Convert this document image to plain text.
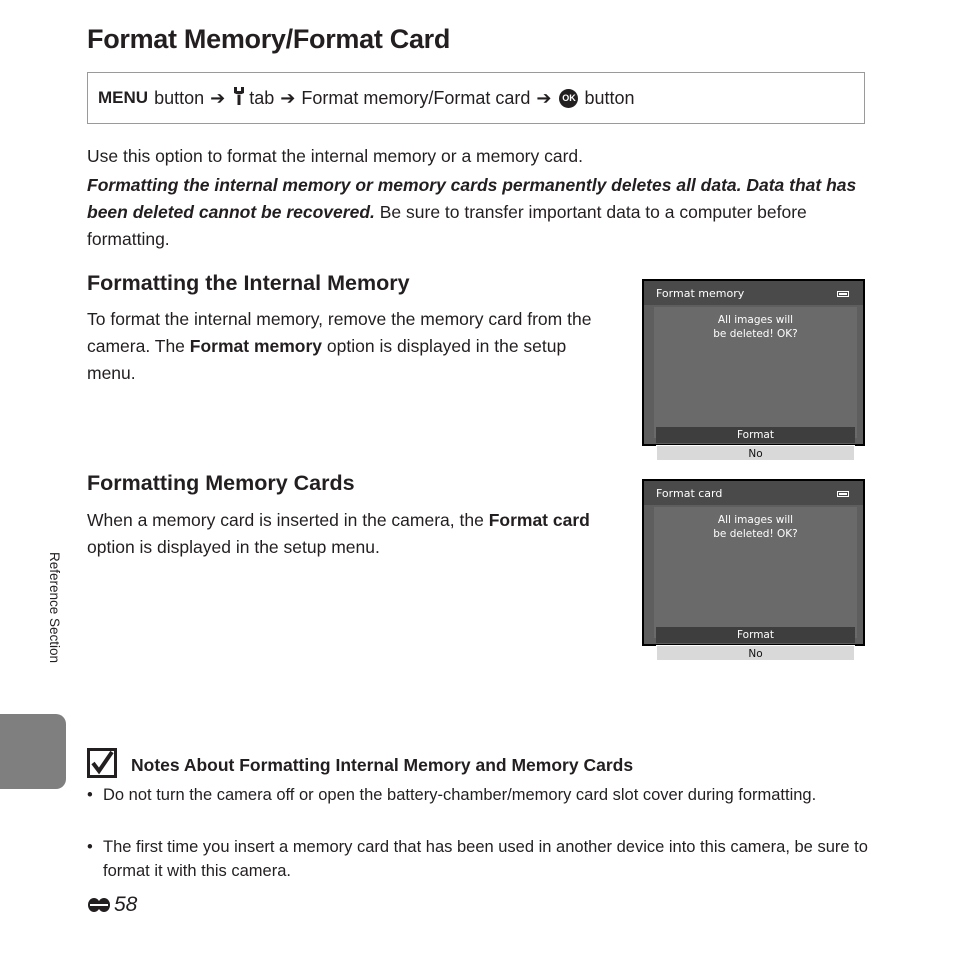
Format Memory/Format Card
MENU button ➔ tab ➔ Format memory/Format card ➔	OK button
Use this option to format the internal memory or a memory card.
Formatting the internal memory or memory cards permanently deletes all data. Data that has been deleted cannot be recovered. Be sure to transfer important data to a computer before formatting.
Formatting the Internal Memory
To format the internal memory, remove the memory card from the camera. The Format memory option is displayed in the setup menu.
Format memory
All images will
be deleted! OK?
Format
No
Formatting Memory Cards
When a memory card is inserted in the camera, the Format card option is displayed in the setup menu.
Format card
All images will
be deleted! OK?
Format
No
Reference Section
Notes About Formatting Internal Memory and Memory Cards
• Do not turn the camera off or open the battery-chamber/memory card slot cover during formatting.
• The first time you insert a memory card that has been used in another device into this camera, be sure to format it with this camera.
58
